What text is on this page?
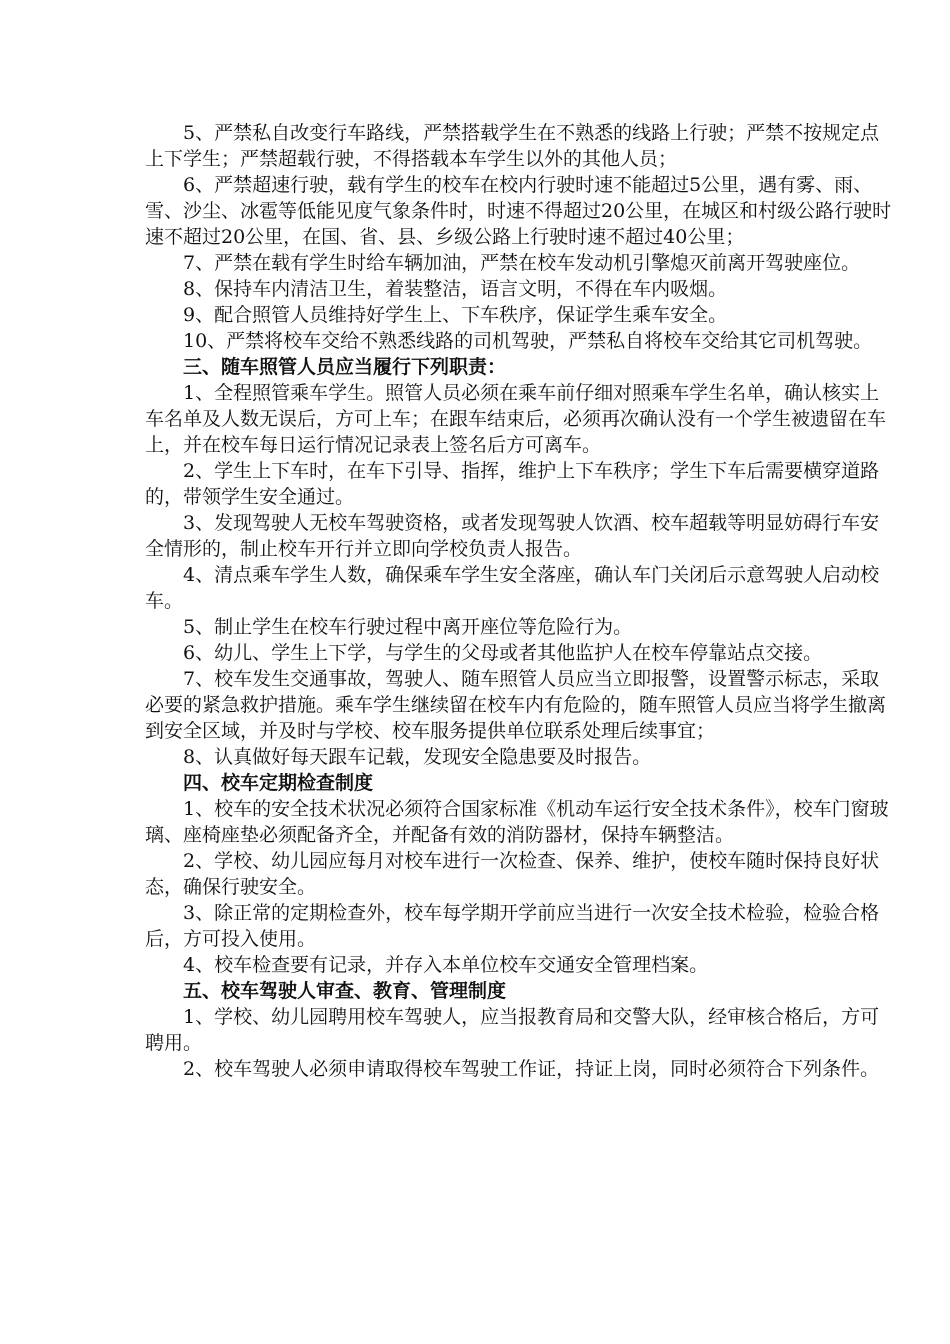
5、严禁私自改变行车路线，严禁搭载学生在不熟悉的线路上行驶；严禁不按规定点上下学生；严禁超载行驶，不得搭载本车学生以外的其他人员；

6、严禁超速行驶，载有学生的校车在校内行驶时速不能超过5公里，遇有雾、雨、雪、沙尘、冰雹等低能见度气象条件时，时速不得超过20公里，在城区和村级公路行驶时速不超过20公里，在国、省、县、乡级公路上行驶时速不超过40公里；

7、严禁在载有学生时给车辆加油，严禁在校车发动机引擎熄灭前离开驾驶座位。

8、保持车内清洁卫生，着装整洁，语言文明，不得在车内吸烟。

9、配合照管人员维持好学生上、下车秩序，保证学生乘车安全。

10、严禁将校车交给不熟悉线路的司机驾驶，严禁私自将校车交给其它司机驾驶。

三、随车照管人员应当履行下列职责：

1、全程照管乘车学生。照管人员必须在乘车前仔细对照乘车学生名单，确认核实上车名单及人数无误后，方可上车；在跟车结束后，必须再次确认没有一个学生被遗留在车上，并在校车每日运行情况记录表上签名后方可离车。

2、学生上下车时，在车下引导、指挥，维护上下车秩序；学生下车后需要横穿道路的，带领学生安全通过。

3、发现驾驶人无校车驾驶资格，或者发现驾驶人饮酒、校车超载等明显妨碍行车安全情形的，制止校车开行并立即向学校负责人报告。

4、清点乘车学生人数，确保乘车学生安全落座，确认车门关闭后示意驾驶人启动校车。

5、制止学生在校车行驶过程中离开座位等危险行为。

6、幼儿、学生上下学，与学生的父母或者其他监护人在校车停靠站点交接。

7、校车发生交通事故，驾驶人、随车照管人员应当立即报警，设置警示标志，采取必要的紧急救护措施。乘车学生继续留在校车内有危险的，随车照管人员应当将学生撤离到安全区域，并及时与学校、校车服务提供单位联系处理后续事宜；

8、认真做好每天跟车记载，发现安全隐患要及时报告。

四、校车定期检查制度

1、校车的安全技术状况必须符合国家标准《机动车运行安全技术条件》，校车门窗玻璃、座椅座垫必须配备齐全，并配备有效的消防器材，保持车辆整洁。

2、学校、幼儿园应每月对校车进行一次检查、保养、维护，使校车随时保持良好状态，确保行驶安全。

3、除正常的定期检查外，校车每学期开学前应当进行一次安全技术检验，检验合格后，方可投入使用。

4、校车检查要有记录，并存入本单位校车交通安全管理档案。

五、校车驾驶人审查、教育、管理制度

1、学校、幼儿园聘用校车驾驶人，应当报教育局和交警大队，经审核合格后，方可聘用。

2、校车驾驶人必须申请取得校车驾驶工作证，持证上岗，同时必须符合下列条件。
